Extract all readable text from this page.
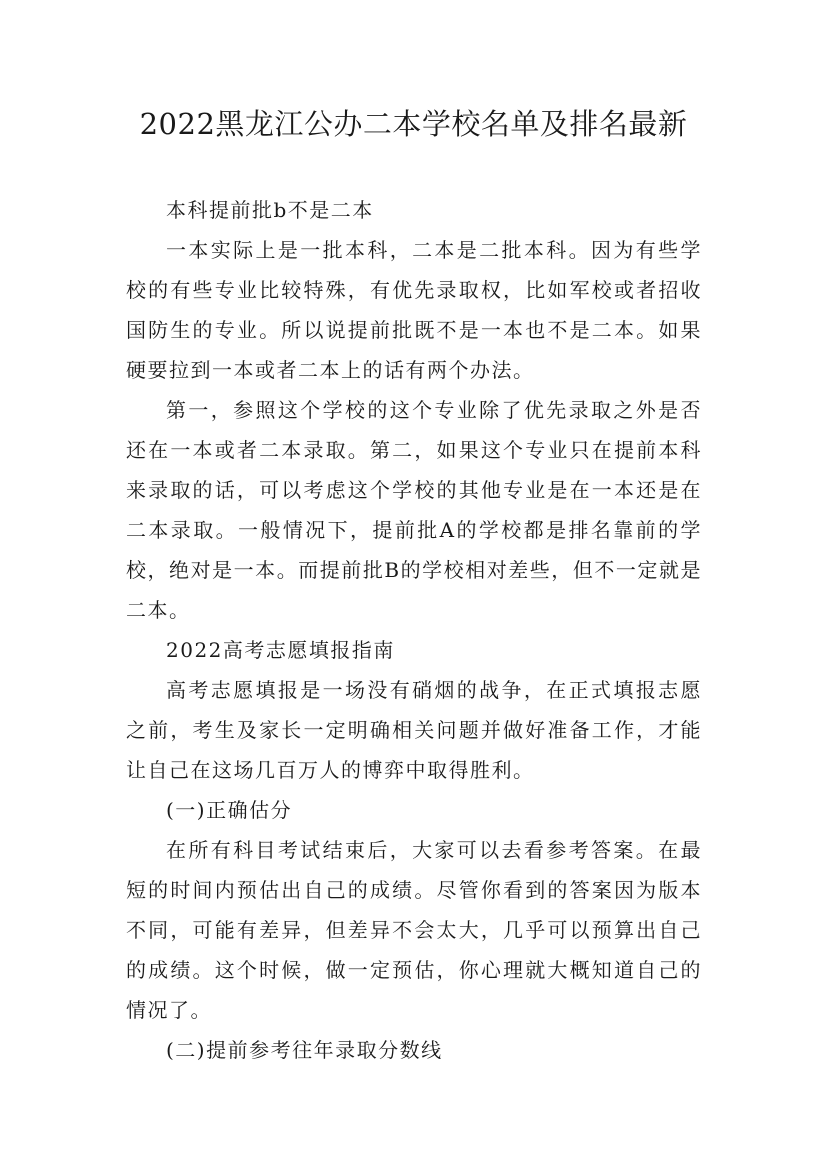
2022黑龙江公办二本学校名单及排名最新

本科提前批b不是二本

一本实际上是一批本科，二本是二批本科。因为有些学校的有些专业比较特殊，有优先录取权，比如军校或者招收国防生的专业。所以说提前批既不是一本也不是二本。如果硬要拉到一本或者二本上的话有两个办法。

第一，参照这个学校的这个专业除了优先录取之外是否还在一本或者二本录取。第二，如果这个专业只在提前本科来录取的话，可以考虑这个学校的其他专业是在一本还是在二本录取。一般情况下，提前批A的学校都是排名靠前的学校，绝对是一本。而提前批B的学校相对差些，但不一定就是二本。

2022高考志愿填报指南

高考志愿填报是一场没有硝烟的战争，在正式填报志愿之前，考生及家长一定明确相关问题并做好准备工作，才能让自己在这场几百万人的博弈中取得胜利。

(一)正确估分

在所有科目考试结束后，大家可以去看参考答案。在最短的时间内预估出自己的成绩。尽管你看到的答案因为版本不同，可能有差异，但差异不会太大，几乎可以预算出自己的成绩。这个时候，做一定预估，你心理就大概知道自己的情况了。

(二)提前参考往年录取分数线
